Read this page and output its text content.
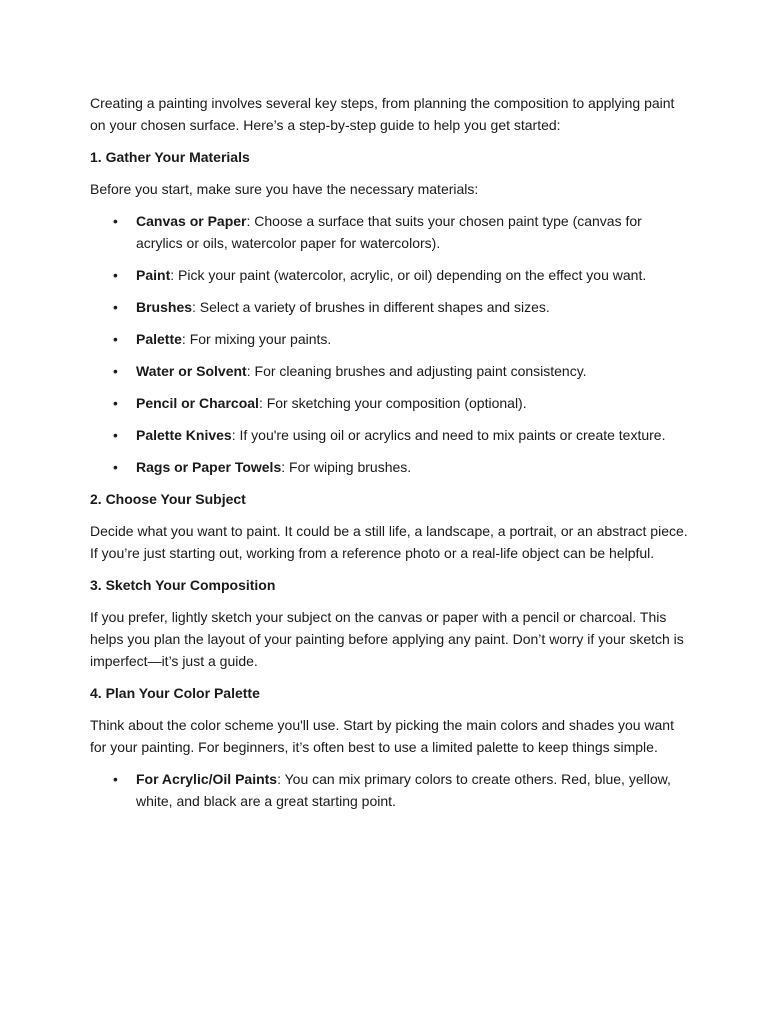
Creating a painting involves several key steps, from planning the composition to applying paint on your chosen surface. Here’s a step-by-step guide to help you get started:

1. Gather Your Materials

Before you start, make sure you have the necessary materials:

• Canvas or Paper: Choose a surface that suits your chosen paint type (canvas for acrylics or oils, watercolor paper for watercolors).
• Paint: Pick your paint (watercolor, acrylic, or oil) depending on the effect you want.
• Brushes: Select a variety of brushes in different shapes and sizes.
• Palette: For mixing your paints.
• Water or Solvent: For cleaning brushes and adjusting paint consistency.
• Pencil or Charcoal: For sketching your composition (optional).
• Palette Knives: If you're using oil or acrylics and need to mix paints or create texture.
• Rags or Paper Towels: For wiping brushes.
2. Choose Your Subject

Decide what you want to paint. It could be a still life, a landscape, a portrait, or an abstract piece. If you’re just starting out, working from a reference photo or a real-life object can be helpful.

3. Sketch Your Composition

If you prefer, lightly sketch your subject on the canvas or paper with a pencil or charcoal. This helps you plan the layout of your painting before applying any paint. Don’t worry if your sketch is imperfect—it’s just a guide.

4. Plan Your Color Palette

Think about the color scheme you'll use. Start by picking the main colors and shades you want for your painting. For beginners, it’s often best to use a limited palette to keep things simple.

• For Acrylic/Oil Paints: You can mix primary colors to create others. Red, blue, yellow, white, and black are a great starting point.
